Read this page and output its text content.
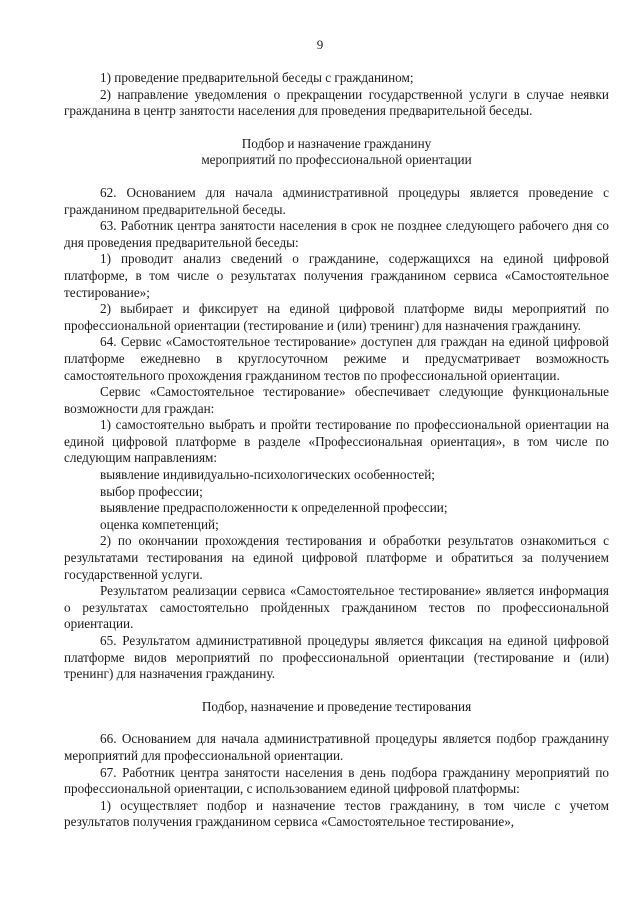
9

1) проведение предварительной беседы с гражданином;

2) направление уведомления о прекращении государственной услуги в случае неявки гражданина в центр занятости населения для проведения предварительной беседы.

Подбор и назначение гражданину

мероприятий по профессиональной ориентации

62. Основанием для начала административной процедуры является проведение с гражданином предварительной беседы.

63. Работник центра занятости населения в срок не позднее следующего рабочего дня со дня проведения предварительной беседы:

1) проводит анализ сведений о гражданине, содержащихся на единой цифровой платформе, в том числе о результатах получения гражданином сервиса «Самостоятельное тестирование»;

2) выбирает и фиксирует на единой цифровой платформе виды мероприятий по профессиональной ориентации (тестирование и (или) тренинг) для назначения гражданину.

64. Сервис «Самостоятельное тестирование» доступен для граждан на единой цифровой платформе ежедневно в круглосуточном режиме и предусматривает возможность самостоятельного прохождения гражданином тестов по профессиональной ориентации.

Сервис «Самостоятельное тестирование» обеспечивает следующие функциональные возможности для граждан:

1) самостоятельно выбрать и пройти тестирование по профессиональной ориентации на единой цифровой платформе в разделе «Профессиональная ориентация», в том числе по следующим направлениям:

выявление индивидуально-психологических особенностей;

выбор профессии;

выявление предрасположенности к определенной профессии;

оценка компетенций;

2) по окончании прохождения тестирования и обработки результатов ознакомиться с результатами тестирования на единой цифровой платформе и обратиться за получением государственной услуги.

Результатом реализации сервиса «Самостоятельное тестирование» является информация о результатах самостоятельно пройденных гражданином тестов по профессиональной ориентации.

65. Результатом административной процедуры является фиксация на единой цифровой платформе видов мероприятий по профессиональной ориентации (тестирование и (или) тренинг) для назначения гражданину.

Подбор, назначение и проведение тестирования

66. Основанием для начала административной процедуры является подбор гражданину мероприятий для профессиональной ориентации.

67. Работник центра занятости населения в день подбора гражданину мероприятий по профессиональной ориентации, с использованием единой цифровой платформы:

1) осуществляет подбор и назначение тестов гражданину, в том числе с учетом результатов получения гражданином сервиса «Самостоятельное тестирование»,
